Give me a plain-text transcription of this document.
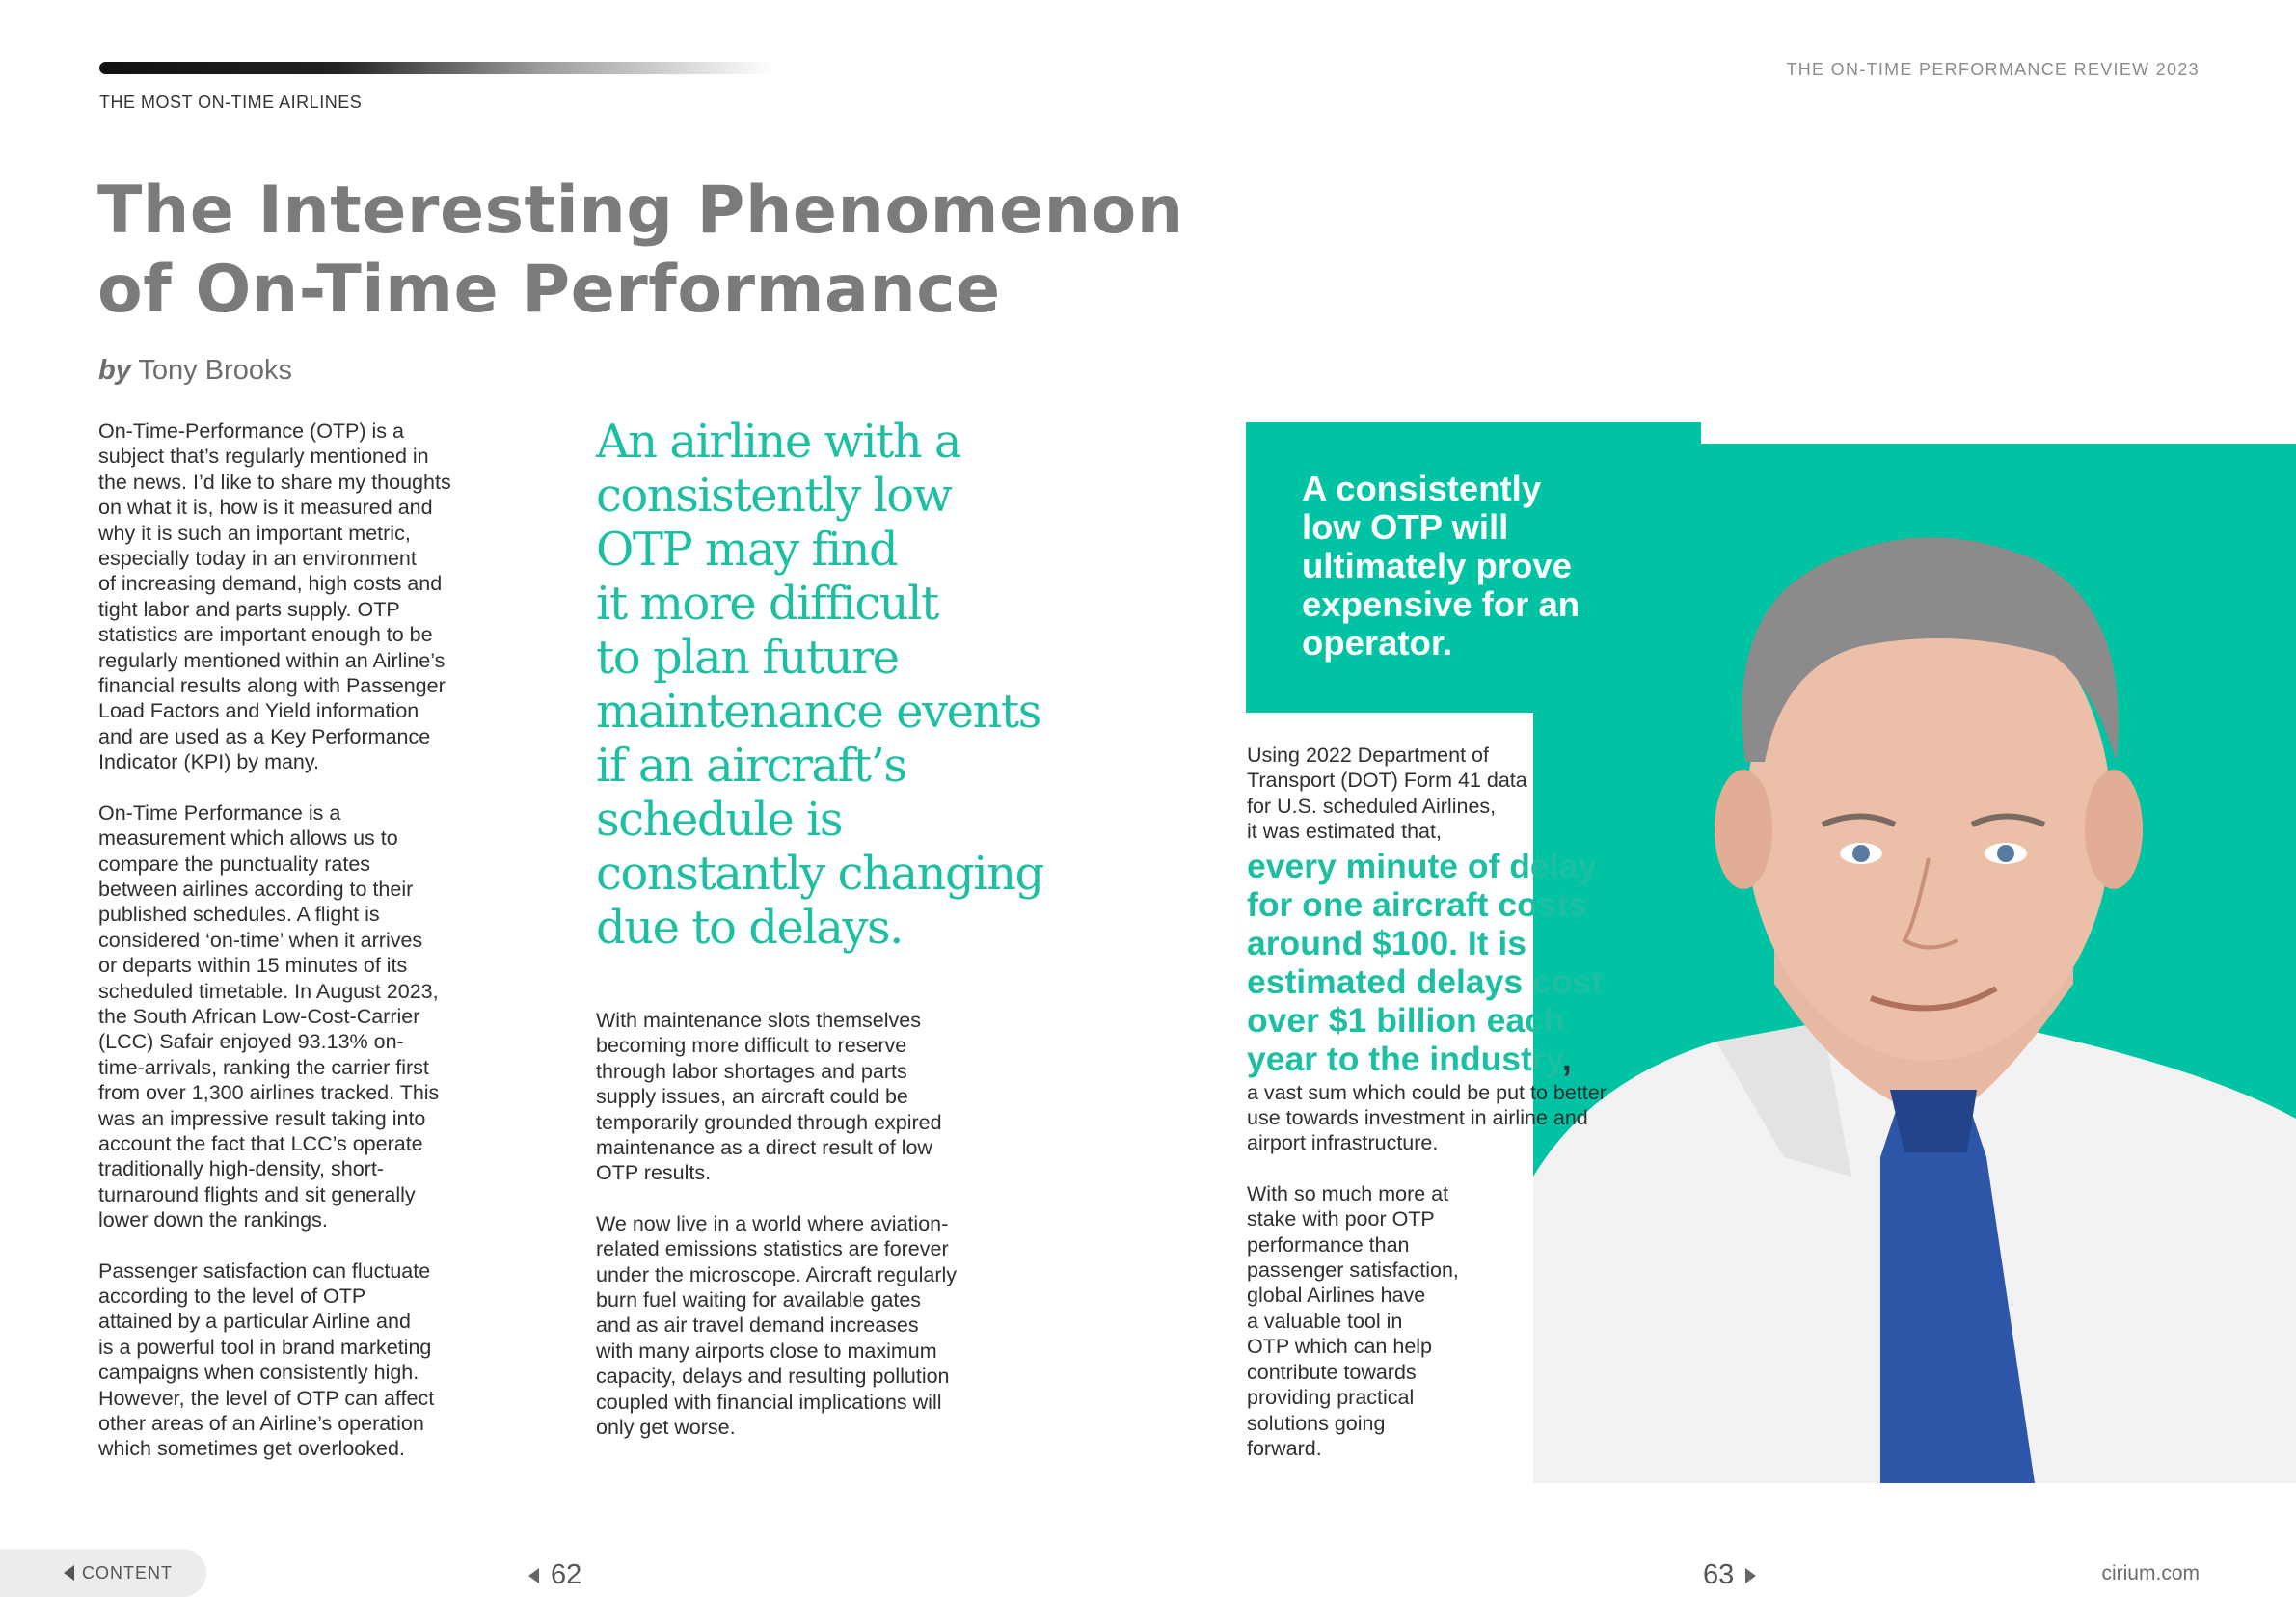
THE MOST ON-TIME AIRLINES
THE ON-TIME PERFORMANCE REVIEW 2023
The Interesting Phenomenon
of On-Time Performance
by Tony Brooks

On-Time-Performance (OTP) is a
subject that’s regularly mentioned in
the news. I’d like to share my thoughts
on what it is, how is it measured and
why it is such an important metric,
especially today in an environment
of increasing demand, high costs and
tight labor and parts supply. OTP
statistics are important enough to be
regularly mentioned within an Airline’s
financial results along with Passenger
Load Factors and Yield information
and are used as a Key Performance
Indicator (KPI) by many.

On-Time Performance is a
measurement which allows us to
compare the punctuality rates
between airlines according to their
published schedules. A flight is
considered ‘on-time’ when it arrives
or departs within 15 minutes of its
scheduled timetable. In August 2023,
the South African Low-Cost-Carrier
(LCC) Safair enjoyed 93.13% on-
time-arrivals, ranking the carrier first
from over 1,300 airlines tracked. This
was an impressive result taking into
account the fact that LCC’s operate
traditionally high-density, short-
turnaround flights and sit generally
lower down the rankings.

Passenger satisfaction can fluctuate
according to the level of OTP
attained by a particular Airline and
is a powerful tool in brand marketing
campaigns when consistently high.
However, the level of OTP can affect
other areas of an Airline’s operation
which sometimes get overlooked.

An airline with a
consistently low
OTP may find
it more difficult
to plan future
maintenance events
if an aircraft’s
schedule is
constantly changing
due to delays.

With maintenance slots themselves
becoming more difficult to reserve
through labor shortages and parts
supply issues, an aircraft could be
temporarily grounded through expired
maintenance as a direct result of low
OTP results.

We now live in a world where aviation-
related emissions statistics are forever
under the microscope. Aircraft regularly
burn fuel waiting for available gates
and as air travel demand increases
with many airports close to maximum
capacity, delays and resulting pollution
coupled with financial implications will
only get worse.

A consistently
low OTP will
ultimately prove
expensive for an
operator.

Using 2022 Department of
Transport (DOT) Form 41 data
for U.S. scheduled Airlines,
it was estimated that,

every minute of delay
for one aircraft costs
around $100. It is
estimated delays cost
over $1 billion each
year to the industry,

a vast sum which could be put to better
use towards investment in airline and
airport infrastructure.

With so much more at
stake with poor OTP
performance than
passenger satisfaction,
global Airlines have
a valuable tool in
OTP which can help
contribute towards
providing practical
solutions going
forward.

CONTENT	62	63	cirium.com
